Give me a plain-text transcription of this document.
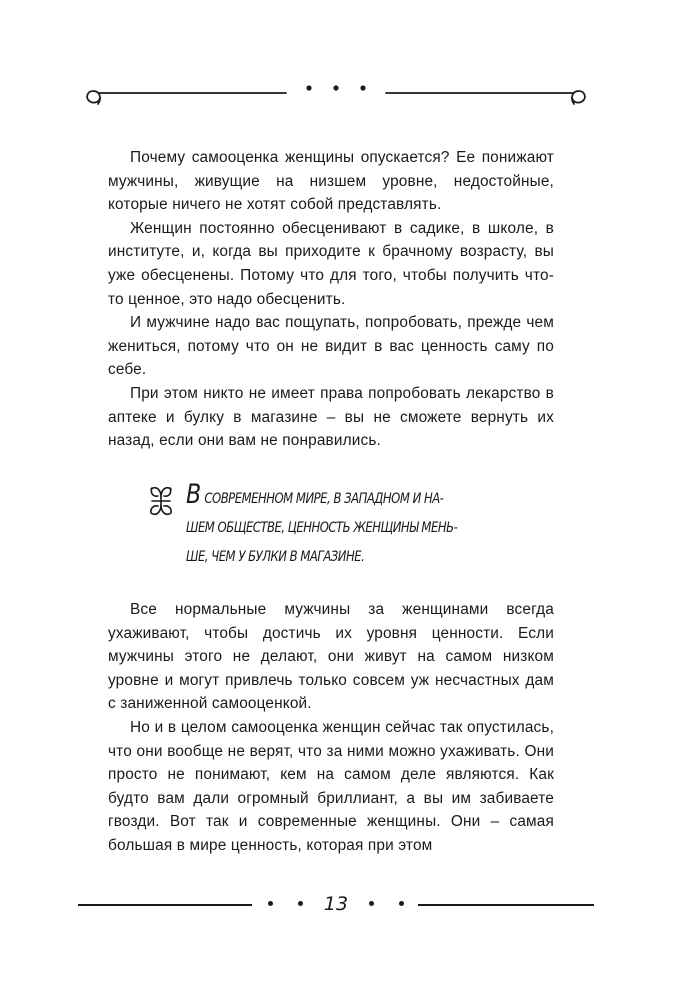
Почему самооценка женщины опускается? Ее понижают мужчины, живущие на низшем уровне, недостойные, которые ничего не хотят собой представлять.

Женщин постоянно обесценивают в садике, в школе, в институте, и, когда вы приходите к брачному возрасту, вы уже обесценены. Потому что для того, чтобы получить что-то ценное, это надо обесценить.

И мужчине надо вас пощупать, попробовать, прежде чем жениться, потому что он не видит в вас ценность саму по себе.

При этом никто не имеет права попробовать лекарство в аптеке и булку в магазине – вы не сможете вернуть их назад, если они вам не понравились.

В СОВРЕМЕННОМ МИРЕ, В ЗАПАДНОМ И НА-
ШЕМ ОБЩЕСТВЕ, ЦЕННОСТЬ ЖЕНЩИНЫ МЕНЬ-
ШЕ, ЧЕМ У БУЛКИ В МАГАЗИНЕ.

Все нормальные мужчины за женщинами всегда ухаживают, чтобы достичь их уровня ценности. Если мужчины этого не делают, они живут на самом низком уровне и могут привлечь только совсем уж несчастных дам с заниженной самооценкой.

Но и в целом самооценка женщин сейчас так опустилась, что они вообще не верят, что за ними можно ухаживать. Они просто не понимают, кем на самом деле являются. Как будто вам дали огромный бриллиант, а вы им забиваете гвозди. Вот так и современные женщины. Они – самая большая в мире ценность, которая при этом

13
